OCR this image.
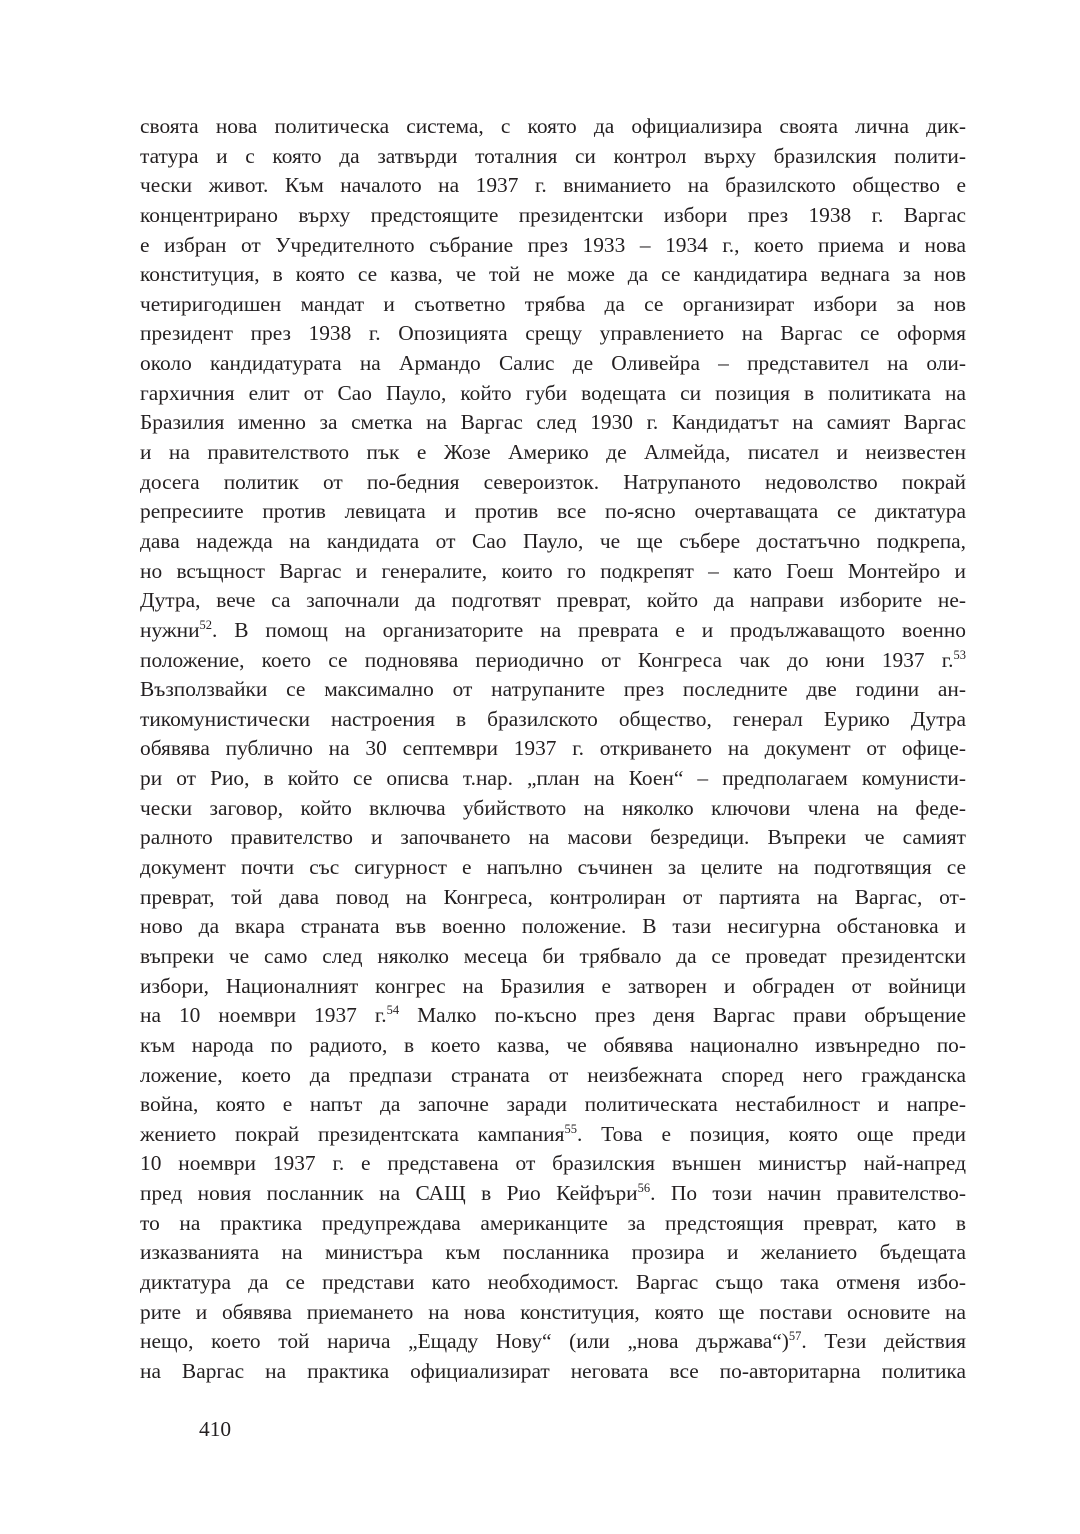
своята нова политическа система, с която да официализира своята лична дик-
татура и с която да затвърди тоталния си контрол върху бразилския полити-
чески живот. Към началото на 1937 г. вниманието на бразилското общество е
концентрирано върху предстоящите президентски избори през 1938 г. Варгас
е избран от Учредителното събрание през 1933 – 1934 г., което приема и нова
конституция, в която се казва, че той не може да се кандидатира веднага за нов
четиригодишен мандат и съответно трябва да се организират избори за нов
президент през 1938 г. Опозицията срещу управлението на Варгас се оформя
около кандидатурата на Армандо Салис де Оливейра – представител на оли-
гархичния елит от Сао Пауло, който губи водещата си позиция в политиката на
Бразилия именно за сметка на Варгас след 1930 г. Кандидатът на самият Варгас
и на правителството пък е Жозе Америко де Алмейда, писател и неизвестен
досега политик от по-бедния североизток. Натрупаното недоволство покрай
репресиите против левицата и против все по-ясно очертаващата се диктатура
дава надежда на кандидата от Сао Пауло, че ще събере достатъчно подкрепа,
но всъщност Варгас и генералите, които го подкрепят – като Гоеш Монтейро и
Дутра, вече са започнали да подготвят преврат, който да направи изборите не-
нужни$^{52}$. В помощ на организаторите на преврата е и продължаващото военно
положение, което се подновява периодично от Конгреса чак до юни 1937 г.$^{53}$
Възползвайки се максимално от натрупаните през последните две години ан-
тикомунистически настроения в бразилското общество, генерал Еурико Дутра
обявява публично на 30 септември 1937 г. откриването на документ от офице-
ри от Рио, в който се описва т.нар. „план на Коен“ – предполагаем комунисти-
чески заговор, който включва убийството на няколко ключови члена на феде-
ралното правителство и започването на масови безредици. Въпреки че самият
документ почти със сигурност е напълно съчинен за целите на подготвящия се
преврат, той дава повод на Конгреса, контролиран от партията на Варгас, от-
ново да вкара страната във военно положение. В тази несигурна обстановка и
въпреки че само след няколко месеца би трябвало да се проведат президентски
избори, Националният конгрес на Бразилия е затворен и обграден от войници
на 10 ноември 1937 г.$^{54}$ Малко по-късно през деня Варгас прави обръщение
към народа по радиото, в което казва, че обявява национално извънредно по-
ложение, което да предпази страната от неизбежната според него гражданска
война, която е напът да започне заради политическата нестабилност и напре-
жението покрай президентската кампания$^{55}$. Това е позиция, която още преди
10 ноември 1937 г. е представена от бразилския външен министър най-напред
пред новия посланник на САЩ в Рио Кейфъри$^{56}$. По този начин правителство-
то на практика предупреждава американците за предстоящия преврат, като в
изказванията на министъра към посланника прозира и желанието бъдещата
диктатура да се представи като необходимост. Варгас също така отменя избо-
рите и обявява приемането на нова конституция, която ще постави основите на
нещо, което той нарича „Ещаду Нову“ (или „нова държава“)$^{57}$. Тези действия
на Варгас на практика официализират неговата все по-авторитарна политика
410
